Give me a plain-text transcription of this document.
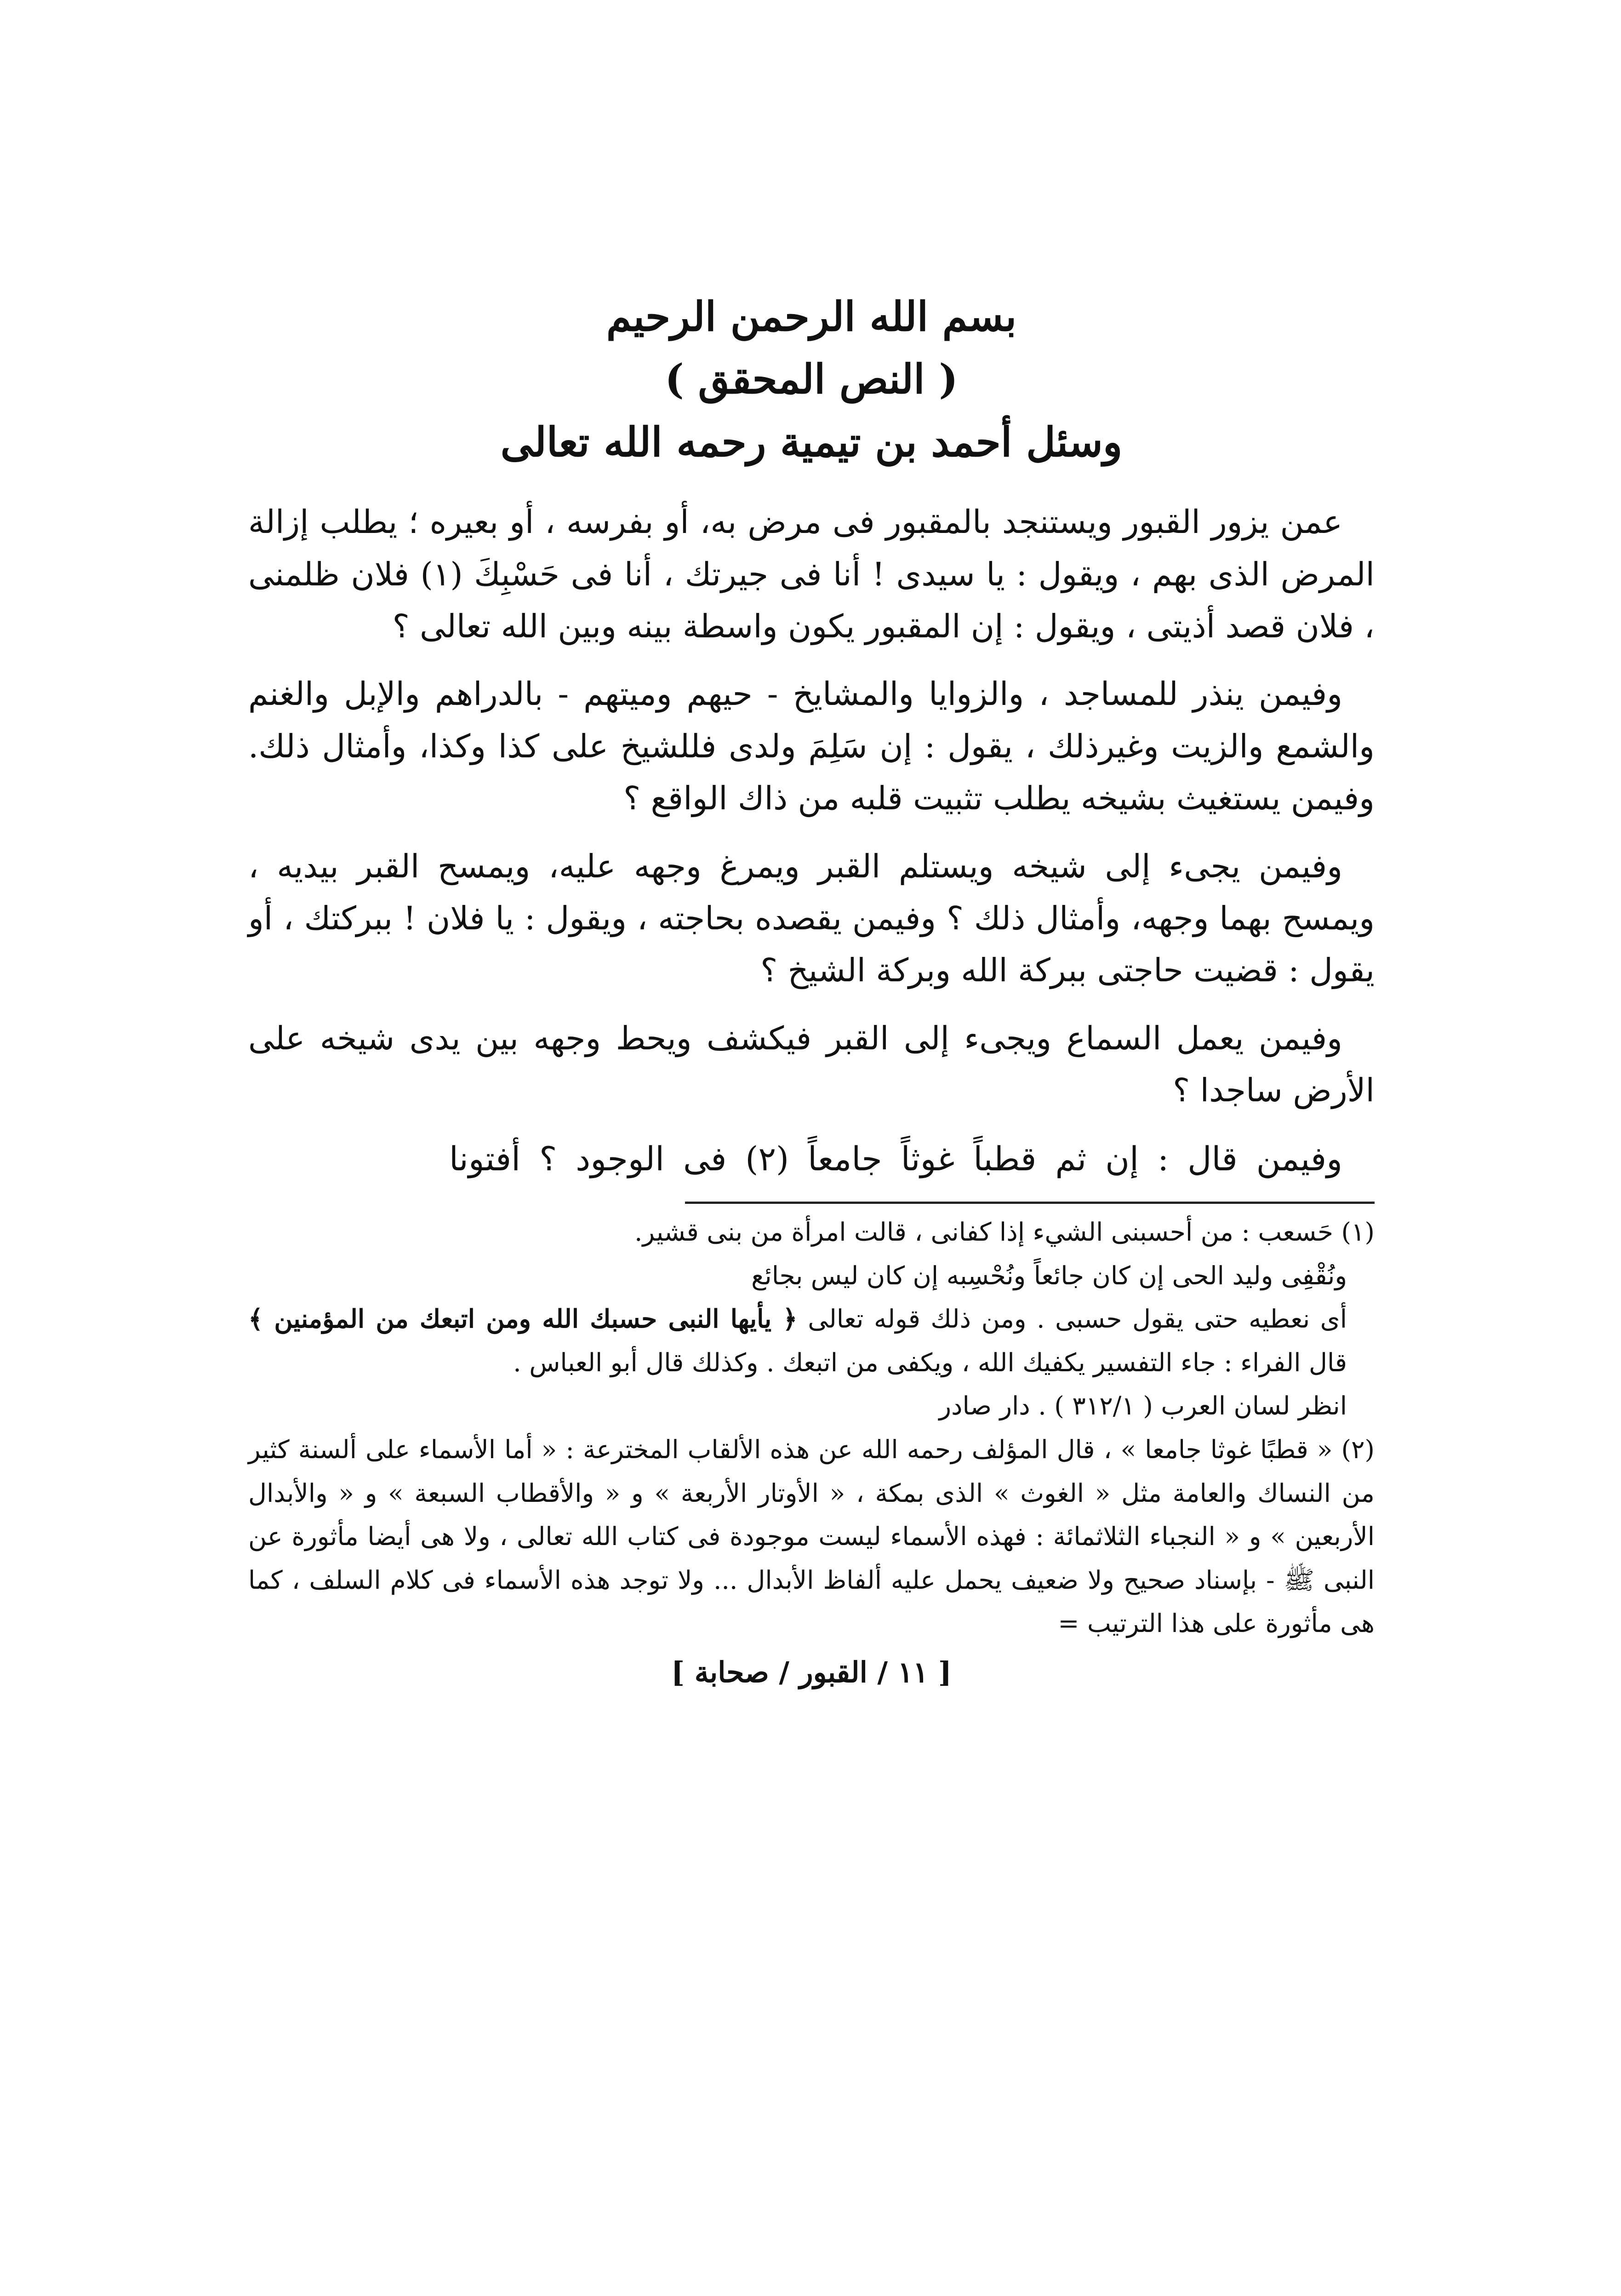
بسم الله الرحمن الرحيم
( النص المحقق )
وسئل أحمد بن تيمية رحمه الله تعالى

عمن يزور القبور ويستنجد بالمقبور فى مرض به، أو بفرسه ، أو بعيره ؛ يطلب إزالة المرض الذى بهم ، ويقول : يا سيدى ! أنا فى جيرتك ، أنا فى حَسْبِكَ (١) فلان ظلمنى ، فلان قصد أذيتى ، ويقول : إن المقبور يكون واسطة بينه وبين الله تعالى ؟

وفيمن ينذر للمساجد ، والزوايا والمشايخ - حيهم وميتهم - بالدراهم والإبل والغنم والشمع والزيت وغيرذلك ، يقول : إن سَلِمَ ولدى فللشيخ على كذا وكذا، وأمثال ذلك. وفيمن يستغيث بشيخه يطلب تثبيت قلبه من ذاك الواقع ؟

وفيمن يجىء إلى شيخه ويستلم القبر ويمرغ وجهه عليه، ويمسح القبر بيديه ، ويمسح بهما وجهه، وأمثال ذلك ؟ وفيمن يقصده بحاجته ، ويقول : يا فلان ! ببركتك ، أو يقول : قضيت حاجتى ببركة الله وبركة الشيخ ؟

وفيمن يعمل السماع ويجىء إلى القبر فيكشف ويحط وجهه بين يدى شيخه على الأرض ساجدا ؟

وفيمن قال : إن ثم قطباً غوثاً جامعاً (٢) فى الوجود ؟ أفتونا

(١) حَسعب : من أحسبنى الشيء إذا كفانى ، قالت امرأة من بنى قشير.

ونُقْفِى وليد الحى إن كان جائعاً ونُحْسِبه إن كان ليس بجائع

أى نعطيه حتى يقول حسبى . ومن ذلك قوله تعالى ﴿ يأيها النبى حسبك الله ومن اتبعك من المؤمنين ﴾ قال الفراء : جاء التفسير يكفيك الله ، ويكفى من اتبعك . وكذلك قال أبو العباس .

انظر لسان العرب ( ٣١٢/١ ) . دار صادر

(٢) « قطبًا غوثا جامعا » ، قال المؤلف رحمه الله عن هذه الألقاب المخترعة : « أما الأسماء على ألسنة كثير من النساك والعامة مثل « الغوث » الذى بمكة ، « الأوتار الأربعة » و « والأقطاب السبعة » و « والأبدال الأربعين » و « النجباء الثلاثمائة : فهذه الأسماء ليست موجودة فى كتاب الله تعالى ، ولا هى أيضا مأثورة عن النبى ﷺ - بإسناد صحيح ولا ضعيف يحمل عليه ألفاظ الأبدال ... ولا توجد هذه الأسماء فى كلام السلف ، كما هى مأثورة على هذا الترتيب =

[ ١١ / القبور / صحابة ]
